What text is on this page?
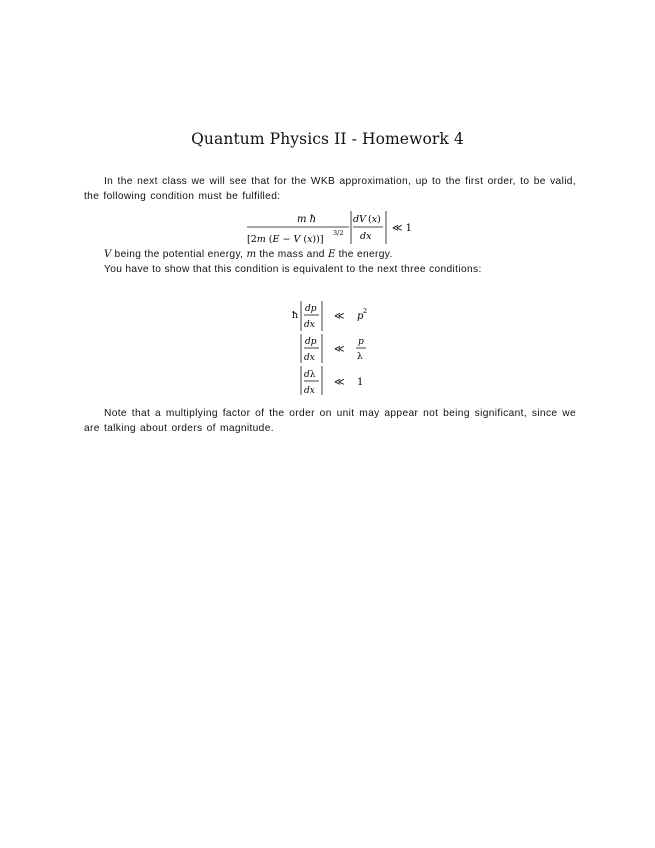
Quantum Physics II - Homework 4
In the next class we will see that for the WKB approximation, up to the first order, to be valid, the following condition must be fulfilled:
m ħ
[2m (E − V (x))]
3/2
dV (x)
dx
≪ 1
V being the potential energy, m the mass and E the energy.
You have to show that this condition is equivalent to the next three conditions:
ħ
dp
dx
≪ p 2
dp
dx
≪
p
λ
dλ
dx
≪ 1
Note that a multiplying factor of the order on unit may appear not being significant, since we are talking about orders of magnitude.
